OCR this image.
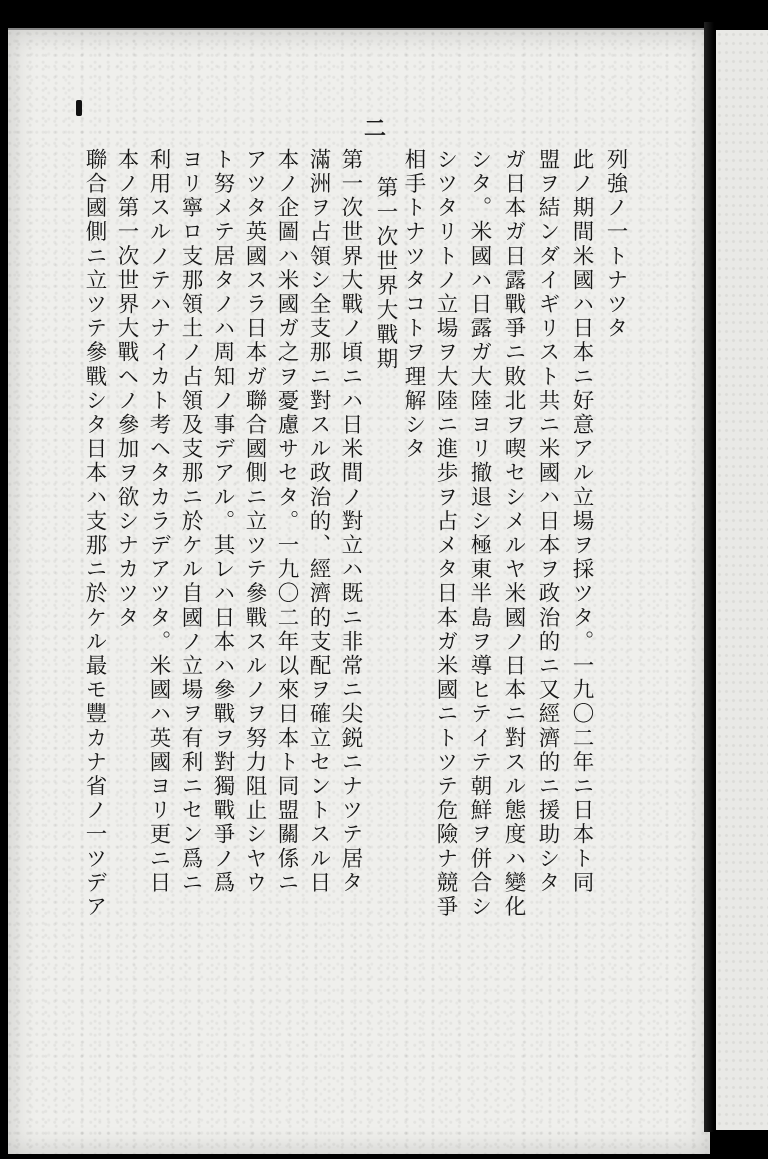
二

列強ノ一トナツタ

此ノ期間米國ハ日本ニ好意アル立場ヲ採ツタ。一九〇二年ニ日本ト同

盟ヲ結ンダイギリスト共ニ米國ハ日本ヲ政治的ニ又經濟的ニ援助シタ

ガ日本ガ日露戰爭ニ敗北ヲ喫セシメルヤ米國ノ日本ニ對スル態度ハ變化

シタ。米國ハ日露ガ大陸ヨリ撤退シ極東半島ヲ導ヒテイテ朝鮮ヲ併合シ

シツタリトノ立場ヲ大陸ニ進歩ヲ占メタ日本ガ米國ニトツテ危險ナ競爭

相手トナツタコトヲ理解シタ

第一次世界大戰期

第一次世界大戰ノ頃ニハ日米間ノ對立ハ既ニ非常ニ尖鋭ニナツテ居タ

滿洲ヲ占領シ全支那ニ對スル政治的、經濟的支配ヲ確立セントスル日

本ノ企圖ハ米國ガ之ヲ憂慮サセタ。一九〇二年以來日本ト同盟關係ニ

アツタ英國スラ日本ガ聯合國側ニ立ツテ參戰スルノヲ努力阻止シヤウ

ト努メテ居タノハ周知ノ事デアル。其レハ日本ハ參戰ヲ對獨戰爭ノ爲

ヨリ寧ロ支那領土ノ占領及支那ニ於ケル自國ノ立場ヲ有利ニセン爲ニ

利用スルノテハナイカト考ヘタカラデアツタ。米國ハ英國ヨリ更ニ日

本ノ第一次世界大戰ヘノ參加ヲ欲シナカツタ

聯合國側ニ立ツテ參戰シタ日本ハ支那ニ於ケル最モ豐カナ省ノ一ツデア
